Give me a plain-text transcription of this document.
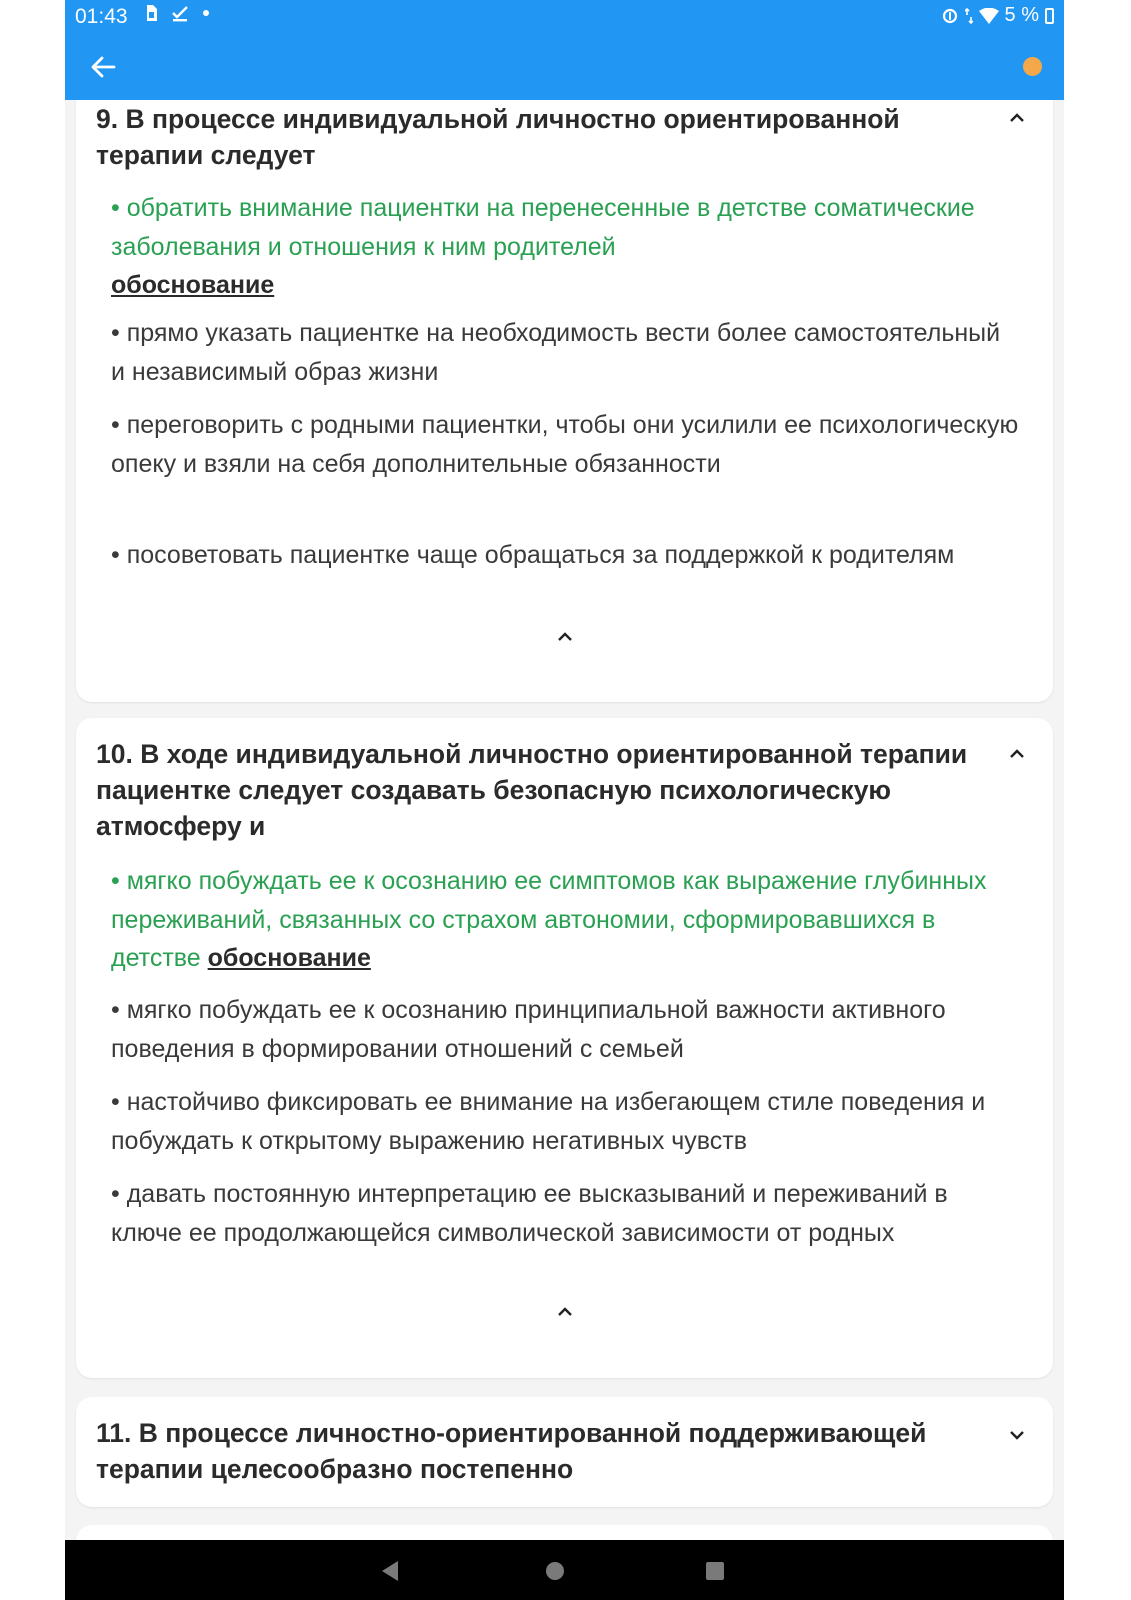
01:43	5 %
9. В процессе индивидуальной личностно ориентированной терапии следует
• обратить внимание пациентки на перенесенные в детстве соматические заболевания и отношения к ним родителей
обоснование
• прямо указать пациентке на необходимость вести более самостоятельный и независимый образ жизни
• переговорить с родными пациентки, чтобы они усилили ее психологическую опеку и взяли на себя дополнительные обязанности
• посоветовать пациентке чаще обращаться за поддержкой к родителям
10. В ходе индивидуальной личностно ориентированной терапии пациентке следует создавать безопасную психологическую атмосферу и
• мягко побуждать ее к осознанию ее симптомов как выражение глубинных переживаний, связанных со страхом автономии, сформировавшихся в детстве обоснование
• мягко побуждать ее к осознанию принципиальной важности активного поведения в формировании отношений с семьей
• настойчиво фиксировать ее внимание на избегающем стиле поведения и побуждать к открытому выражению негативных чувств
• давать постоянную интерпретацию ее высказываний и переживаний в ключе ее продолжающейся символической зависимости от родных
11. В процессе личностно-ориентированной поддерживающей терапии целесообразно постепенно
